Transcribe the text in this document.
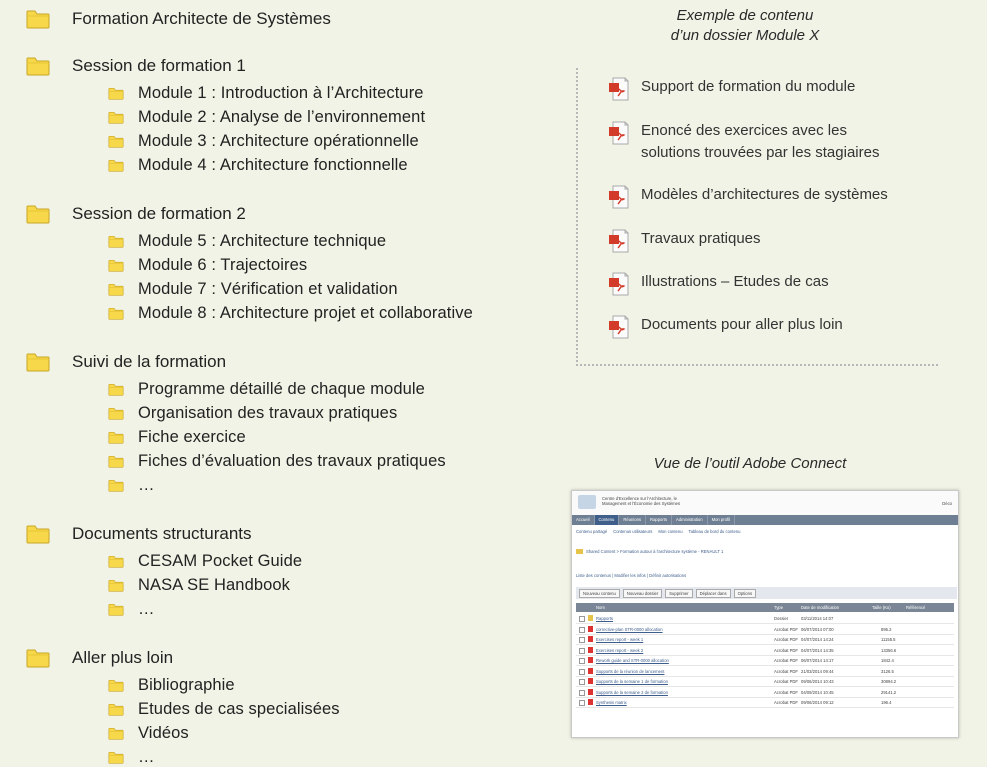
Formation Architecte de Systèmes
Session de formation 1
Module 1 : Introduction à l’Architecture
Module 2 : Analyse de l’environnement
Module 3 : Architecture opérationnelle
Module 4 : Architecture fonctionnelle
Session de formation 2
Module 5 : Architecture technique
Module 6 : Trajectoires
Module 7 : Vérification et validation
Module 8 : Architecture projet et collaborative
Suivi de la formation
Programme détaillé de chaque module
Organisation des travaux pratiques
Fiche exercice
Fiches d’évaluation des travaux pratiques
…
Documents structurants
CESAM Pocket Guide
NASA SE Handbook
…
Aller plus loin
Bibliographie
Etudes de cas specialisées
Vidéos
…
Exemple de contenu
d’un dossier Module X
Support de formation du module
Enoncé des exercices avec les
solutions trouvées par les stagiaires
Modèles d’architectures de systèmes
Travaux pratiques
Illustrations – Etudes de cas
Documents pour aller plus loin
Vue de l’outil Adobe Connect
Centre d'Excellence sur l'Architecture, le
Management et l'Économie des Systèmes	Déco
Accueil	Contenu	Réunions	Rapports	Administration	Mon profil
Contenu partagé Contenus utilisateurs Mon contenu Tableau de bord du contenu
Shared Content > Formation autour à l'architecture système - RENAULT 1
Liste des contenus | Modifier les infos | Définir autorisations
Nouveau contenu	Nouveau dossier	Supprimer	Déplacer dans	Options
Nom	Type	Date de modification	Taille (Ko)	Référencé
Rapports	Dossier	03/11/2014 14:07
corrective-plan STR-0000 allocation	Acrobat PDF 06/07/2014 07:00	895.2
Exercises report - week 1	Acrobat PDF 04/07/2014 14:24	11155.5
Exercises report - week 2	Acrobat PDF 04/07/2014 14:35	13356.6
Rework guide and STR-0000 allocation	Acrobat PDF 06/07/2014 14:17	1842.4
Supports de la réunion de lancement	Acrobat PDF 21/03/2014 09:44	3126.5
Supports de la semaine 1 de formation	Acrobat PDF 09/06/2014 10:43	30894.2
Supports de la semaine 2 de formation	Acrobat PDF 04/09/2014 10:45	29141.2
Synthesis matrix	Acrobat PDF 09/06/2014 09:12	196.4
